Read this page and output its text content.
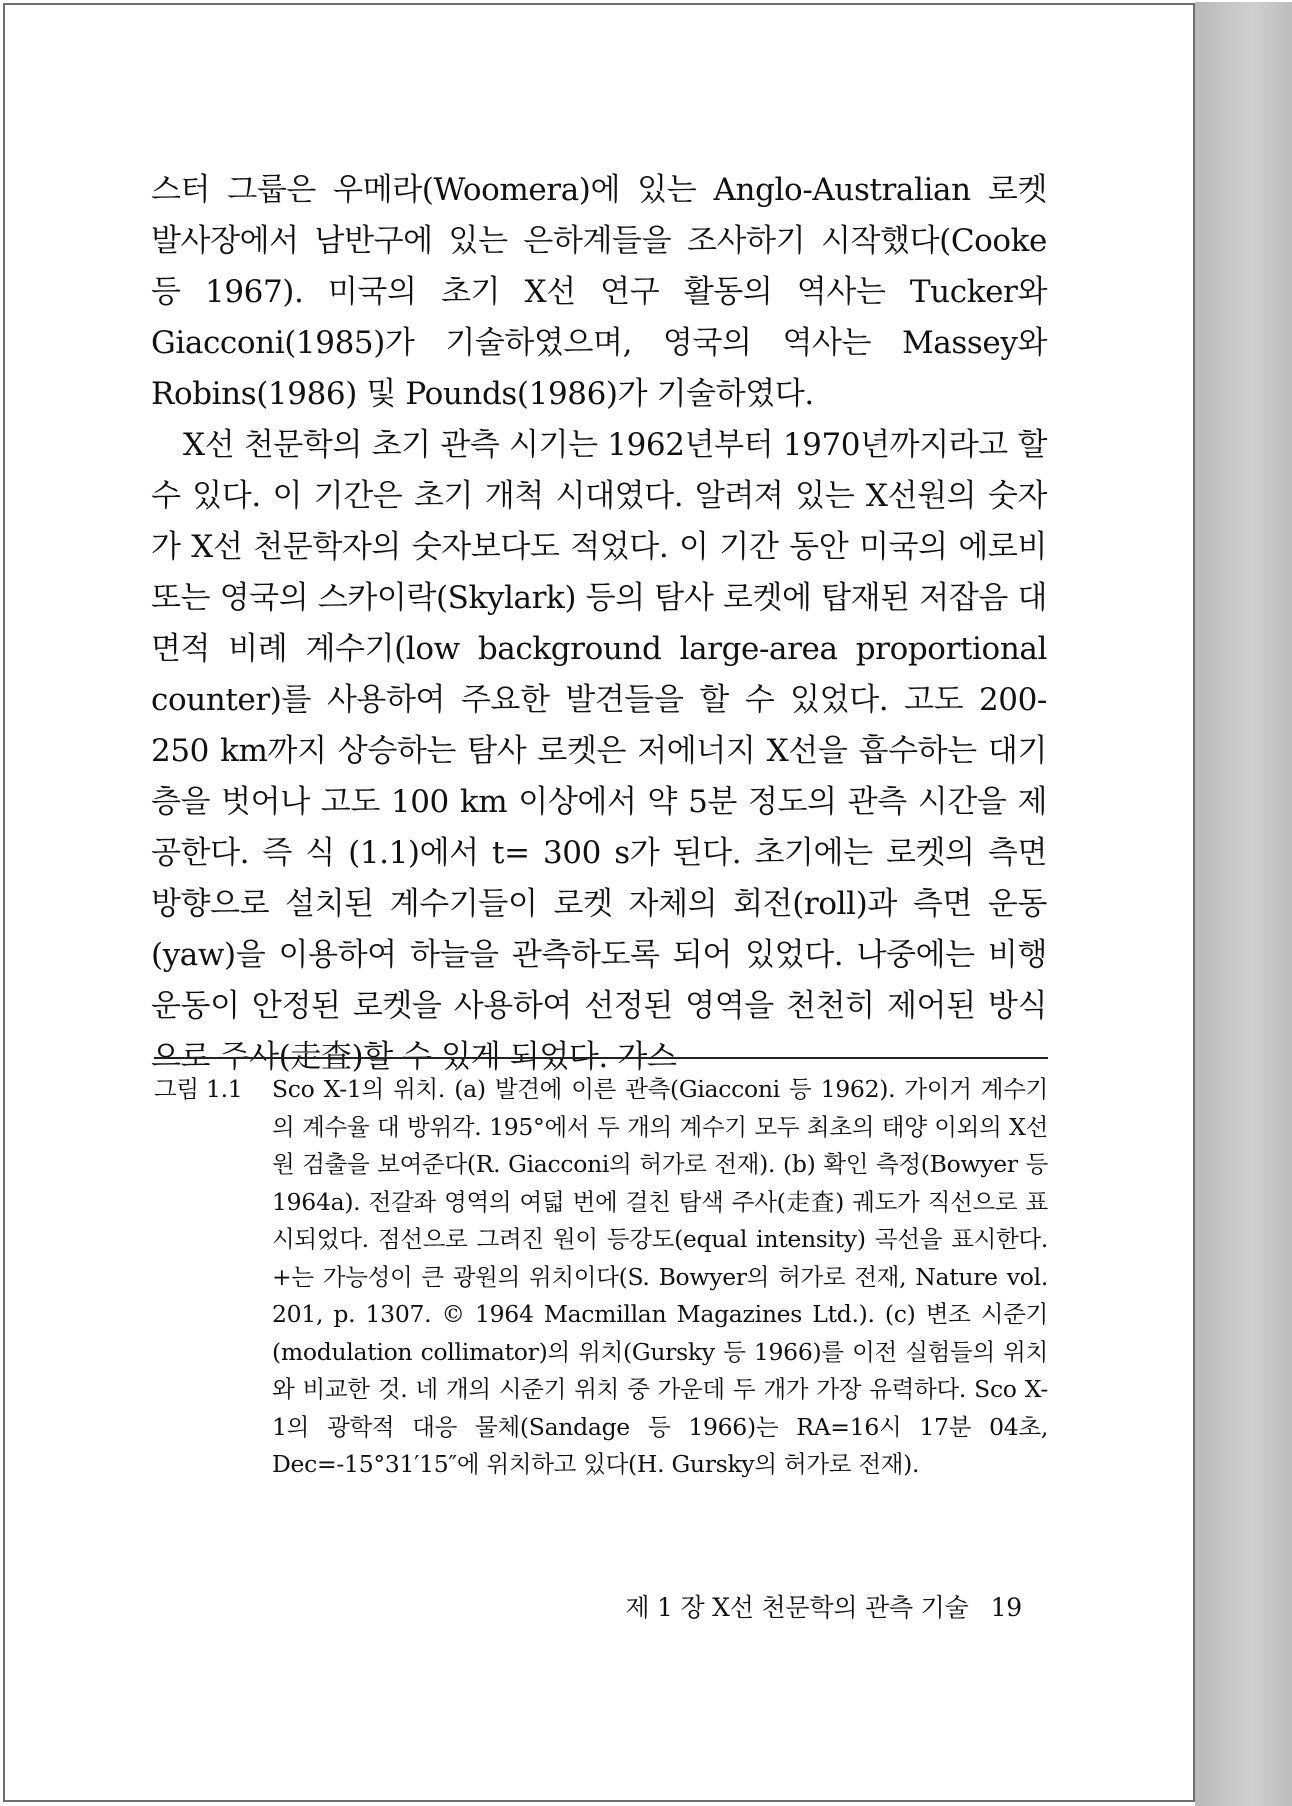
스터 그룹은 우메라(Woomera)에 있는 Anglo-Australian 로켓 발사장에서 남반구에 있는 은하계들을 조사하기 시작했다(Cooke 등 1967). 미국의 초기 X선 연구 활동의 역사는 Tucker와 Giacconi(1985)가 기술하였으며, 영국의 역사는 Massey와 Robins(1986) 및 Pounds(1986)가 기술하였다.

X선 천문학의 초기 관측 시기는 1962년부터 1970년까지라고 할 수 있다. 이 기간은 초기 개척 시대였다. 알려져 있는 X선원의 숫자가 X선 천문학자의 숫자보다도 적었다. 이 기간 동안 미국의 에로비 또는 영국의 스카이락(Skylark) 등의 탐사 로켓에 탑재된 저잡음 대면적 비례 계수기(low background large-area proportional counter)를 사용하여 주요한 발견들을 할 수 있었다. 고도 200-250 km까지 상승하는 탐사 로켓은 저에너지 X선을 흡수하는 대기층을 벗어나 고도 100 km 이상에서 약 5분 정도의 관측 시간을 제공한다. 즉 식 (1.1)에서 t= 300 s가 된다. 초기에는 로켓의 측면 방향으로 설치된 계수기들이 로켓 자체의 회전(roll)과 측면 운동(yaw)을 이용하여 하늘을 관측하도록 되어 있었다. 나중에는 비행운동이 안정된 로켓을 사용하여 선정된 영역을 천천히 제어된 방식으로 주사(走査)할 수 있게 되었다. 가스

그림 1.1	Sco X-1의 위치. (a) 발견에 이른 관측(Giacconi 등 1962). 가이거 계수기의 계수율 대 방위각. 195°에서 두 개의 계수기 모두 최초의 태양 이외의 X선원 검출을 보여준다(R. Giacconi의 허가로 전재). (b) 확인 측정(Bowyer 등 1964a). 전갈좌 영역의 여덟 번에 걸친 탐색 주사(走査) 궤도가 직선으로 표시되었다. 점선으로 그려진 원이 등강도(equal intensity) 곡선을 표시한다. +는 가능성이 큰 광원의 위치이다(S. Bowyer의 허가로 전재, Nature vol. 201, p. 1307. © 1964 Macmillan Magazines Ltd.). (c) 변조 시준기(modulation collimator)의 위치(Gursky 등 1966)를 이전 실험들의 위치와 비교한 것. 네 개의 시준기 위치 중 가운데 두 개가 가장 유력하다. Sco X-1의 광학적 대응 물체(Sandage 등 1966)는 RA=16시 17분 04초, Dec=-15°31′15″에 위치하고 있다(H. Gursky의 허가로 전재).
제 1 장 X선 천문학의 관측 기술 19
